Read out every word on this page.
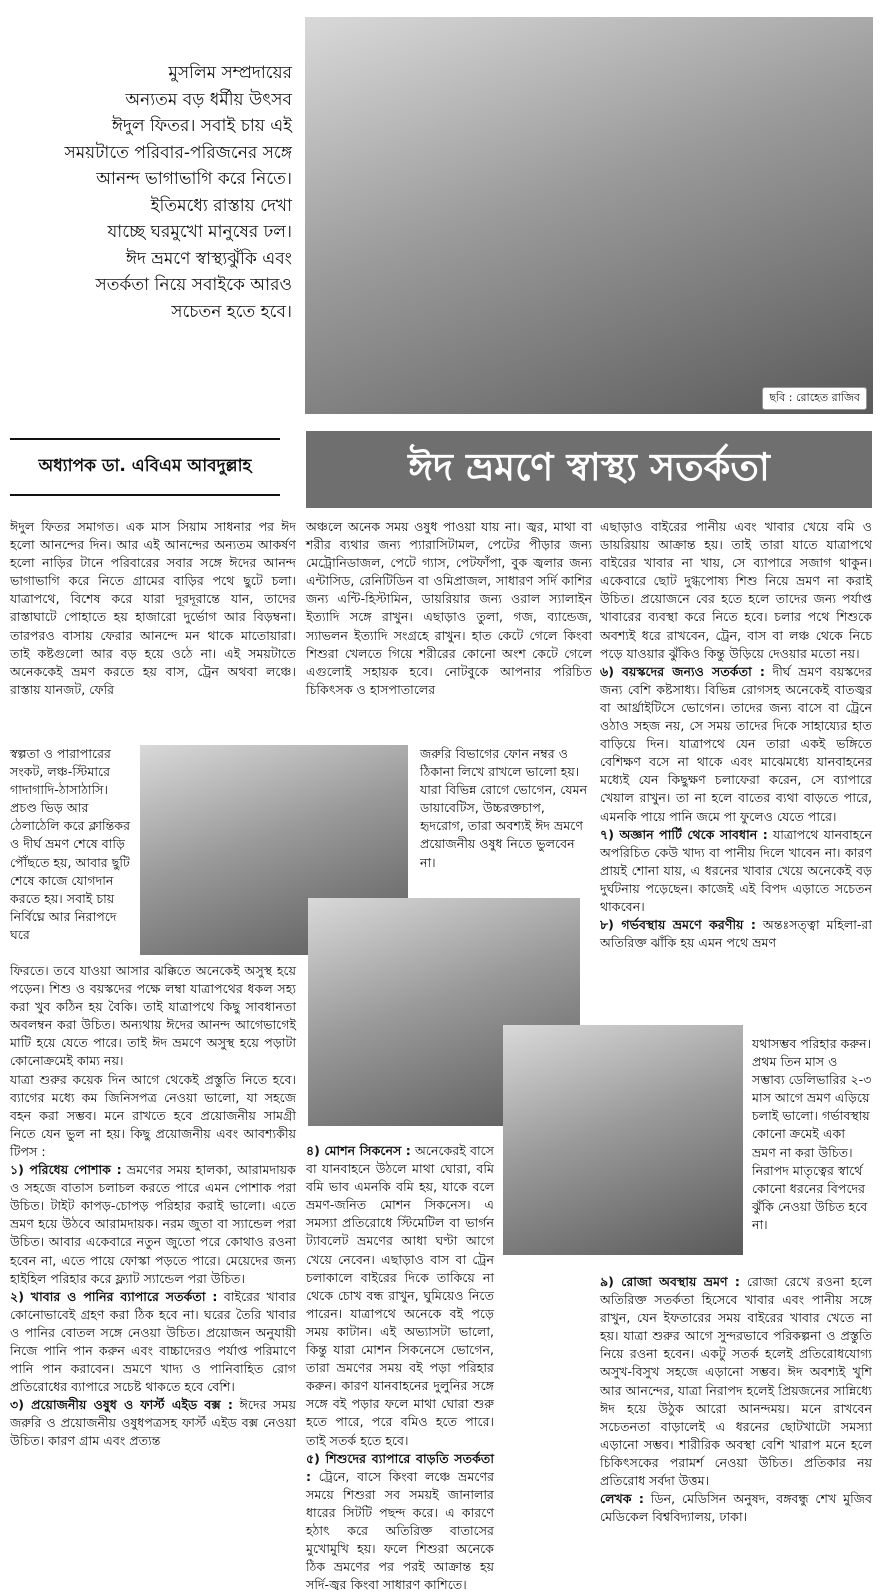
মুসলিম সম্প্রদায়ের

অন্যতম বড় ধর্মীয় উৎসব

ঈদুল ফিতর। সবাই চায় এই

সময়টাতে পরিবার-পরিজনের সঙ্গে

আনন্দ ভাগাভাগি করে নিতে।

ইতিমধ্যে রাস্তায় দেখা

যাচ্ছে ঘরমুখো মানুষের ঢল।

ঈদ ভ্রমণে স্বাস্থ্যঝুঁকি এবং

সতর্কতা নিয়ে সবাইকে আরও

সচেতন হতে হবে।

ছবি : রোহেত রাজিব
অধ্যাপক ডা. এবিএম আবদুল্লাহ	ঈদ ভ্রমণে স্বাস্থ্য সতর্কতা

ঈদুল ফিতর সমাগত। এক মাস সিয়াম সাধনার পর ঈদ হলো আনন্দের দিন। আর এই আনন্দের অন্যতম আকর্ষণ হলো নাড়ির টানে পরিবারের সবার সঙ্গে ঈদের আনন্দ ভাগাভাগি করে নিতে গ্রামের বাড়ির পথে ছুটে চলা। যাত্রাপথে, বিশেষ করে যারা দূরদূরান্তে যান, তাদের রাস্তাঘাটে পোহাতে হয় হাজারো দুর্ভোগ আর বিড়ম্বনা। তারপরও বাসায় ফেরার আনন্দে মন থাকে মাতোয়ারা। তাই কষ্টগুলো আর বড় হয়ে ওঠে না। এই সময়টাতে অনেককেই ভ্রমণ করতে হয় বাস, ট্রেন অথবা লঞ্চে। রাস্তায় যানজট, ফেরি

স্বল্পতা ও পারাপারের সংকট, লঞ্চ-স্টিমারে গাদাগাদি-ঠাসাঠাসি। প্রচণ্ড ভিড় আর ঠেলাঠেলি করে ক্লান্তিকর ও দীর্ঘ ভ্রমণ শেষে বাড়ি পৌঁছতে হয়, আবার ছুটি শেষে কাজে যোগদান করতে হয়। সবাই চায় নির্বিঘ্নে আর নিরাপদে ঘরে

ফিরতে। তবে যাওয়া আসার ঝক্কিতে অনেকেই অসুস্থ হয়ে পড়েন। শিশু ও বয়স্কদের পক্ষে লম্বা যাত্রাপথের ধকল সহ্য করা খুব কঠিন হয় বৈকি। তাই যাত্রাপথে কিছু সাবধানতা অবলম্বন করা উচিত। অন্যথায় ঈদের আনন্দ আগেভাগেই মাটি হয়ে যেতে পারে। তাই ঈদ ভ্রমণে অসুস্থ হয়ে পড়াটা কোনোক্রমেই কাম্য নয়।

যাত্রা শুরুর কয়েক দিন আগে থেকেই প্রস্তুতি নিতে হবে। ব্যাগের মধ্যে কম জিনিসপত্র নেওয়া ভালো, যা সহজে বহন করা সম্ভব। মনে রাখতে হবে প্রয়োজনীয় সামগ্রী নিতে যেন ভুল না হয়। কিছু প্রয়োজনীয় এবং আবশ্যকীয় টিপস :

১) পরিধেয় পোশাক : ভ্রমণের সময় হালকা, আরামদায়ক ও সহজে বাতাস চলাচল করতে পারে এমন পোশাক পরা উচিত। টাইট কাপড়-চোপড় পরিহার করাই ভালো। এতে ভ্রমণ হয়ে উঠবে আরামদায়ক। নরম জুতা বা স্যান্ডেল পরা উচিত। আবার একেবারে নতুন জুতো পরে কোথাও রওনা হবেন না, এতে পায়ে ফোস্কা পড়তে পারে। মেয়েদের জন্য হাইহিল পরিহার করে ফ্ল্যাট স্যান্ডেল পরা উচিত।

২) খাবার ও পানির ব্যাপারে সতর্কতা : বাইরের খাবার কোনোভাবেই গ্রহণ করা ঠিক হবে না। ঘরের তৈরি খাবার ও পানির বোতল সঙ্গে নেওয়া উচিত। প্রয়োজন অনুযায়ী নিজে পানি পান করুন এবং বাচ্চাদেরও পর্যাপ্ত পরিমাণে পানি পান করাবেন। ভ্রমণে খাদ্য ও পানিবাহিত রোগ প্রতিরোধের ব্যাপারে সচেষ্ট থাকতে হবে বেশি।

৩) প্রয়োজনীয় ওষুধ ও ফার্স্ট এইড বক্স : ঈদের সময় জরুরি ও প্রয়োজনীয় ওষুধপত্রসহ ফার্স্ট এইড বক্স নেওয়া উচিত। কারণ গ্রাম এবং প্রত্যন্ত

অঞ্চলে অনেক সময় ওষুধ পাওয়া যায় না। জ্বর, মাথা বা শরীর ব্যথার জন্য প্যারাসিটামল, পেটের পীড়ার জন্য মেট্রোনিডাজল, পেটে গ্যাস, পেটফাঁপা, বুক জ্বলার জন্য এন্টাসিড, রেনিটিডিন বা ওমিপ্রাজল, সাধারণ সর্দি কাশির জন্য এন্টি-হিস্টামিন, ডায়রিয়ার জন্য ওরাল স্যালাইন ইত্যাদি সঙ্গে রাখুন। এছাড়াও তুলা, গজ, ব্যান্ডেজ, স্যাভলন ইত্যাদি সংগ্রহে রাখুন। হাত কেটে গেলে কিংবা শিশুরা খেলতে গিয়ে শরীরের কোনো অংশ কেটে গেলে এগুলোই সহায়ক হবে। নোটবুকে আপনার পরিচিত চিকিৎসক ও হাসপাতালের

জরুরি বিভাগের ফোন নম্বর ও ঠিকানা লিখে রাখলে ভালো হয়। যারা বিভিন্ন রোগে ভোগেন, যেমন ডায়াবেটিস, উচ্চরক্তচাপ, হৃদরোগ, তারা অবশ্যই ঈদ ভ্রমণে প্রয়োজনীয় ওষুধ নিতে ভুলবেন না।

৪) মোশন সিকনেস : অনেকেরই বাসে বা যানবাহনে উঠলে মাথা ঘোরা, বমি বমি ভাব এমনকি বমি হয়, যাকে বলে ভ্রমণ-জনিত মোশন সিকনেস। এ সমস্যা প্রতিরোধে স্টিমেটিল বা ভার্গন ট্যাবলেট ভ্রমণের আধা ঘণ্টা আগে খেয়ে নেবেন। এছাড়াও বাস বা ট্রেন চলাকালে বাইরের দিকে তাকিয়ে না থেকে চোখ বন্ধ রাখুন, ঘুমিয়েও নিতে পারেন। যাত্রাপথে অনেকে বই পড়ে সময় কাটান। এই অভ্যাসটা ভালো, কিন্তু যারা মোশন সিকনেসে ভোগেন, তারা ভ্রমণের সময় বই পড়া পরিহার করুন। কারণ যানবাহনের দুলুনির সঙ্গে সঙ্গে বই পড়ার ফলে মাথা ঘোরা শুরু হতে পারে, পরে বমিও হতে পারে। তাই সতর্ক হতে হবে।

৫) শিশুদের ব্যাপারে বাড়তি সতর্কতা : ট্রেনে, বাসে কিংবা লঞ্চে ভ্রমণের সময়ে শিশুরা সব সময়ই জানালার ধারের সিটটি পছন্দ করে। এ কারণে হঠাৎ করে অতিরিক্ত বাতাসের মুখোমুখি হয়। ফলে শিশুরা অনেকে ঠিক ভ্রমণের পর পরই আক্রান্ত হয় সর্দি-জ্বর কিংবা সাধারণ কাশিতে।

এছাড়াও বাইরের পানীয় এবং খাবার খেয়ে বমি ও ডায়রিয়ায় আক্রান্ত হয়। তাই তারা যাতে যাত্রাপথে বাইরের খাবার না খায়, সে ব্যাপারে সজাগ থাকুন। একেবারে ছোট দুগ্ধপোষ্য শিশু নিয়ে ভ্রমণ না করাই উচিত। প্রয়োজনে বের হতে হলে তাদের জন্য পর্যাপ্ত খাবারের ব্যবস্থা করে নিতে হবে। চলার পথে শিশুকে অবশ্যই ধরে রাখবেন, ট্রেন, বাস বা লঞ্চ থেকে নিচে পড়ে যাওয়ার ঝুঁকিও কিন্তু উড়িয়ে দেওয়ার মতো নয়।

৬) বয়স্কদের জন্যও সতর্কতা : দীর্ঘ ভ্রমণ বয়স্কদের জন্য বেশি কষ্টসাধ্য। বিভিন্ন রোগসহ অনেকেই বাতজ্বর বা আর্থ্রাইটিসে ভোগেন। তাদের জন্য বাসে বা ট্রেনে ওঠাও সহজ নয়, সে সময় তাদের দিকে সাহায্যের হাত বাড়িয়ে দিন। যাত্রাপথে যেন তারা একই ভঙ্গিতে বেশিক্ষণ বসে না থাকে এবং মাঝেমধ্যে যানবাহনের মধ্যেই যেন কিছুক্ষণ চলাফেরা করেন, সে ব্যাপারে খেয়াল রাখুন। তা না হলে বাতের ব্যথা বাড়তে পারে, এমনকি পায়ে পানি জমে পা ফুলেও যেতে পারে।

৭) অজ্ঞান পার্টি থেকে সাবধান : যাত্রাপথে যানবাহনে অপরিচিত কেউ খাদ্য বা পানীয় দিলে খাবেন না। কারণ প্রায়ই শোনা যায়, এ ধরনের খাবার খেয়ে অনেকেই বড় দুর্ঘটনায় পড়েছেন। কাজেই এই বিপদ এড়াতে সচেতন থাকবেন।

৮) গর্ভবস্থায় ভ্রমণে করণীয় : অন্তঃসত্ত্বা মহিলা-রা অতিরিক্ত ঝাঁকি হয় এমন পথে ভ্রমণ

যথাসম্ভব পরিহার করুন। প্রথম তিন মাস ও সম্ভাব্য ডেলিভারির ২-৩ মাস আগে ভ্রমণ এড়িয়ে চলাই ভালো। গর্ভাবস্থায় কোনো ক্রমেই একা ভ্রমণ না করা উচিত। নিরাপদ মাতৃত্বের স্বার্থে কোনো ধরনের বিপদের ঝুঁকি নেওয়া উচিত হবে না।

৯) রোজা অবস্থায় ভ্রমণ : রোজা রেখে রওনা হলে অতিরিক্ত সতর্কতা হিসেবে খাবার এবং পানীয় সঙ্গে রাখুন, যেন ইফতারের সময় বাইরের খাবার খেতে না হয়। যাত্রা শুরুর আগে সুন্দরভাবে পরিকল্পনা ও প্রস্তুতি নিয়ে রওনা হবেন। একটু সতর্ক হলেই প্রতিরোধযোগ্য অসুখ-বিসুখ সহজে এড়ানো সম্ভব। ঈদ অবশ্যই খুশি আর আনন্দের, যাত্রা নিরাপদ হলেই প্রিয়জনের সান্নিধ্যে ঈদ হয়ে উঠুক আরো আনন্দময়। মনে রাখবেন সচেতনতা বাড়ালেই এ ধরনের ছোটখাটো সমস্যা এড়ানো সম্ভব। শারীরিক অবস্থা বেশি খারাপ মনে হলে চিকিৎসকের পরামর্শ নেওয়া উচিত। প্রতিকার নয় প্রতিরোধ সর্বদা উত্তম।

লেখক : ডিন, মেডিসিন অনুষদ, বঙ্গবন্ধু শেখ মুজিব মেডিকেল বিশ্ববিদ্যালয়, ঢাকা।
